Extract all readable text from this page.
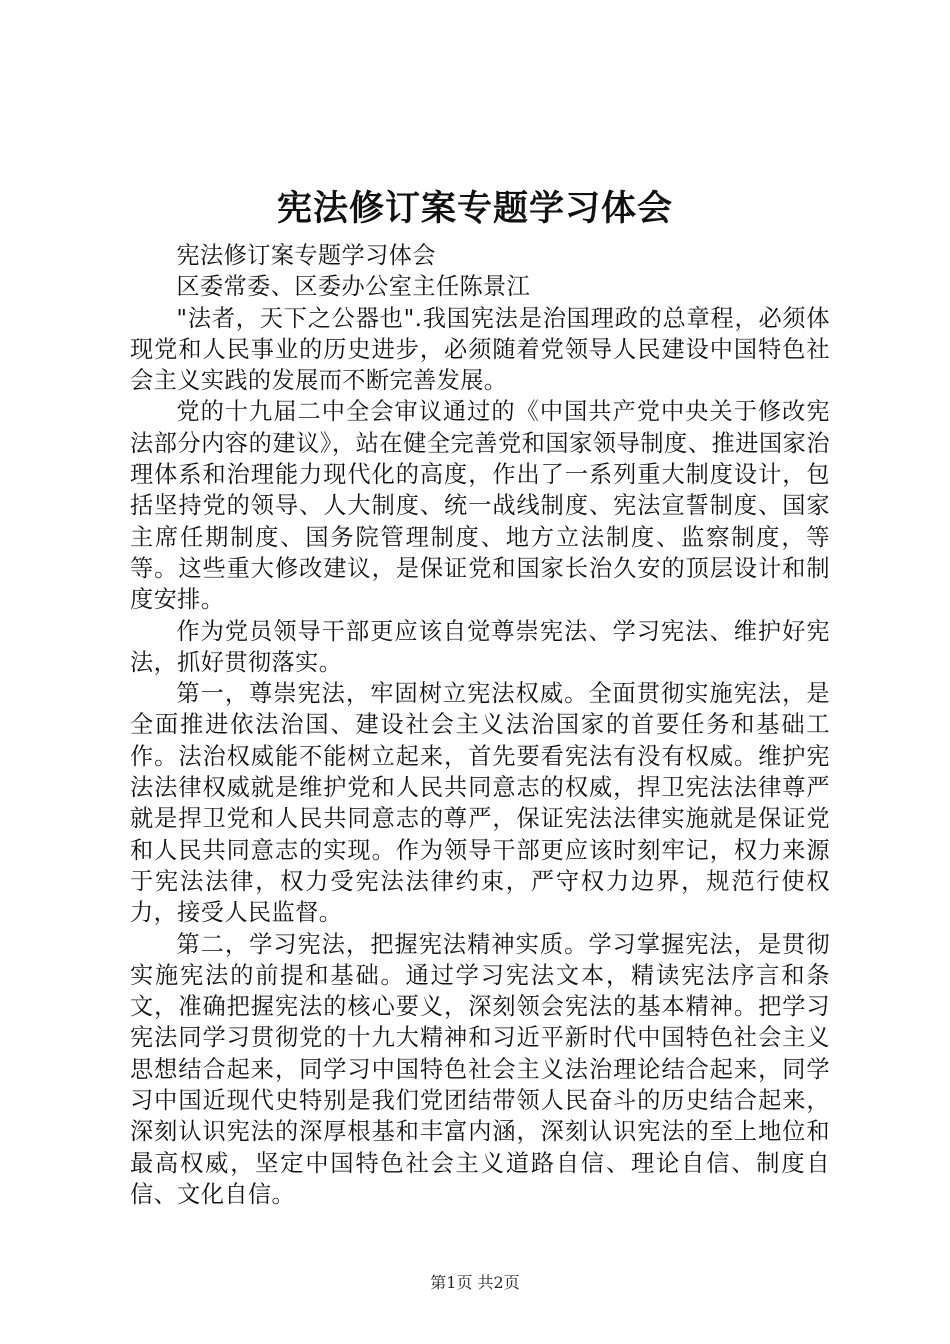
宪法修订案专题学习体会

宪法修订案专题学习体会

区委常委、区委办公室主任陈景江

"法者，天下之公器也".我国宪法是治国理政的总章程，必须体现党和人民事业的历史进步，必须随着党领导人民建设中国特色社会主义实践的发展而不断完善发展。

党的十九届二中全会审议通过的《中国共产党中央关于修改宪法部分内容的建议》，站在健全完善党和国家领导制度、推进国家治理体系和治理能力现代化的高度，作出了一系列重大制度设计，包括坚持党的领导、人大制度、统一战线制度、宪法宣誓制度、国家主席任期制度、国务院管理制度、地方立法制度、监察制度，等等。这些重大修改建议，是保证党和国家长治久安的顶层设计和制度安排。

作为党员领导干部更应该自觉尊崇宪法、学习宪法、维护好宪法，抓好贯彻落实。

第一，尊崇宪法，牢固树立宪法权威。全面贯彻实施宪法，是全面推进依法治国、建设社会主义法治国家的首要任务和基础工作。法治权威能不能树立起来，首先要看宪法有没有权威。维护宪法法律权威就是维护党和人民共同意志的权威，捍卫宪法法律尊严就是捍卫党和人民共同意志的尊严，保证宪法法律实施就是保证党和人民共同意志的实现。作为领导干部更应该时刻牢记，权力来源于宪法法律，权力受宪法法律约束，严守权力边界，规范行使权力，接受人民监督。

第二，学习宪法，把握宪法精神实质。学习掌握宪法，是贯彻实施宪法的前提和基础。通过学习宪法文本，精读宪法序言和条文，准确把握宪法的核心要义，深刻领会宪法的基本精神。把学习宪法同学习贯彻党的十九大精神和习近平新时代中国特色社会主义思想结合起来，同学习中国特色社会主义法治理论结合起来，同学习中国近现代史特别是我们党团结带领人民奋斗的历史结合起来，深刻认识宪法的深厚根基和丰富内涵，深刻认识宪法的至上地位和最高权威，坚定中国特色社会主义道路自信、理论自信、制度自信、文化自信。

第1页 共2页
